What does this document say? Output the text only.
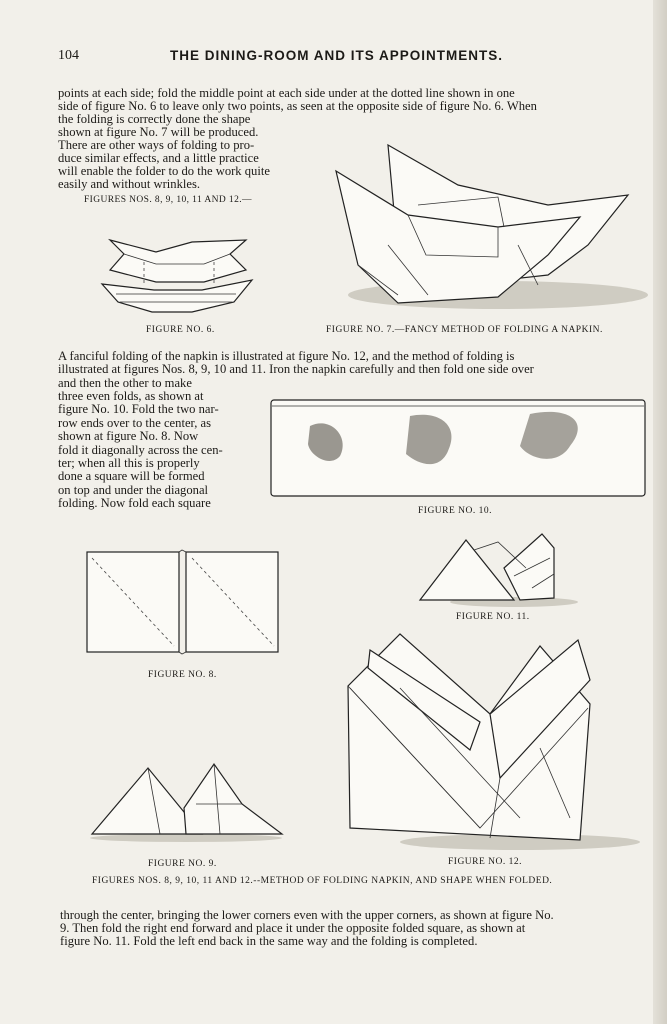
104	THE DINING-ROOM AND ITS APPOINTMENTS.
points at each side; fold the middle point at each side under at the dotted line shown in one
side of figure No. 6 to leave only two points, as seen at the opposite side of figure No. 6. When
the folding is correctly done the shape
shown at figure No. 7 will be produced.
There are other ways of folding to pro-
duce similar effects, and a little practice
will enable the folder to do the work quite
easily and without wrinkles.
FIGURES NOS. 8, 9, 10, 11 AND 12.—
FIGURE NO. 6.	FIGURE NO. 7.—FANCY METHOD OF FOLDING A NAPKIN.
A fanciful folding of the napkin is illustrated at figure No. 12, and the method of folding is
illustrated at figures Nos. 8, 9, 10 and 11. Iron the napkin carefully and then fold one side over
and then the other to make
three even folds, as shown at
figure No. 10. Fold the two nar-
row ends over to the center, as
shown at figure No. 8. Now
fold it diagonally across the cen-
ter; when all this is properly
done a square will be formed
on top and under the diagonal
folding. Now fold each square
FIGURE NO. 10.
FIGURE NO. 11.
FIGURE NO. 8.
FIGURE NO. 12.
FIGURE NO. 9.
FIGURES NOS. 8, 9, 10, 11 AND 12.--METHOD OF FOLDING NAPKIN, AND SHAPE WHEN FOLDED.
through the center, bringing the lower corners even with the upper corners, as shown at figure No.
9. Then fold the right end forward and place it under the opposite folded square, as shown at
figure No. 11. Fold the left end back in the same way and the folding is completed.
